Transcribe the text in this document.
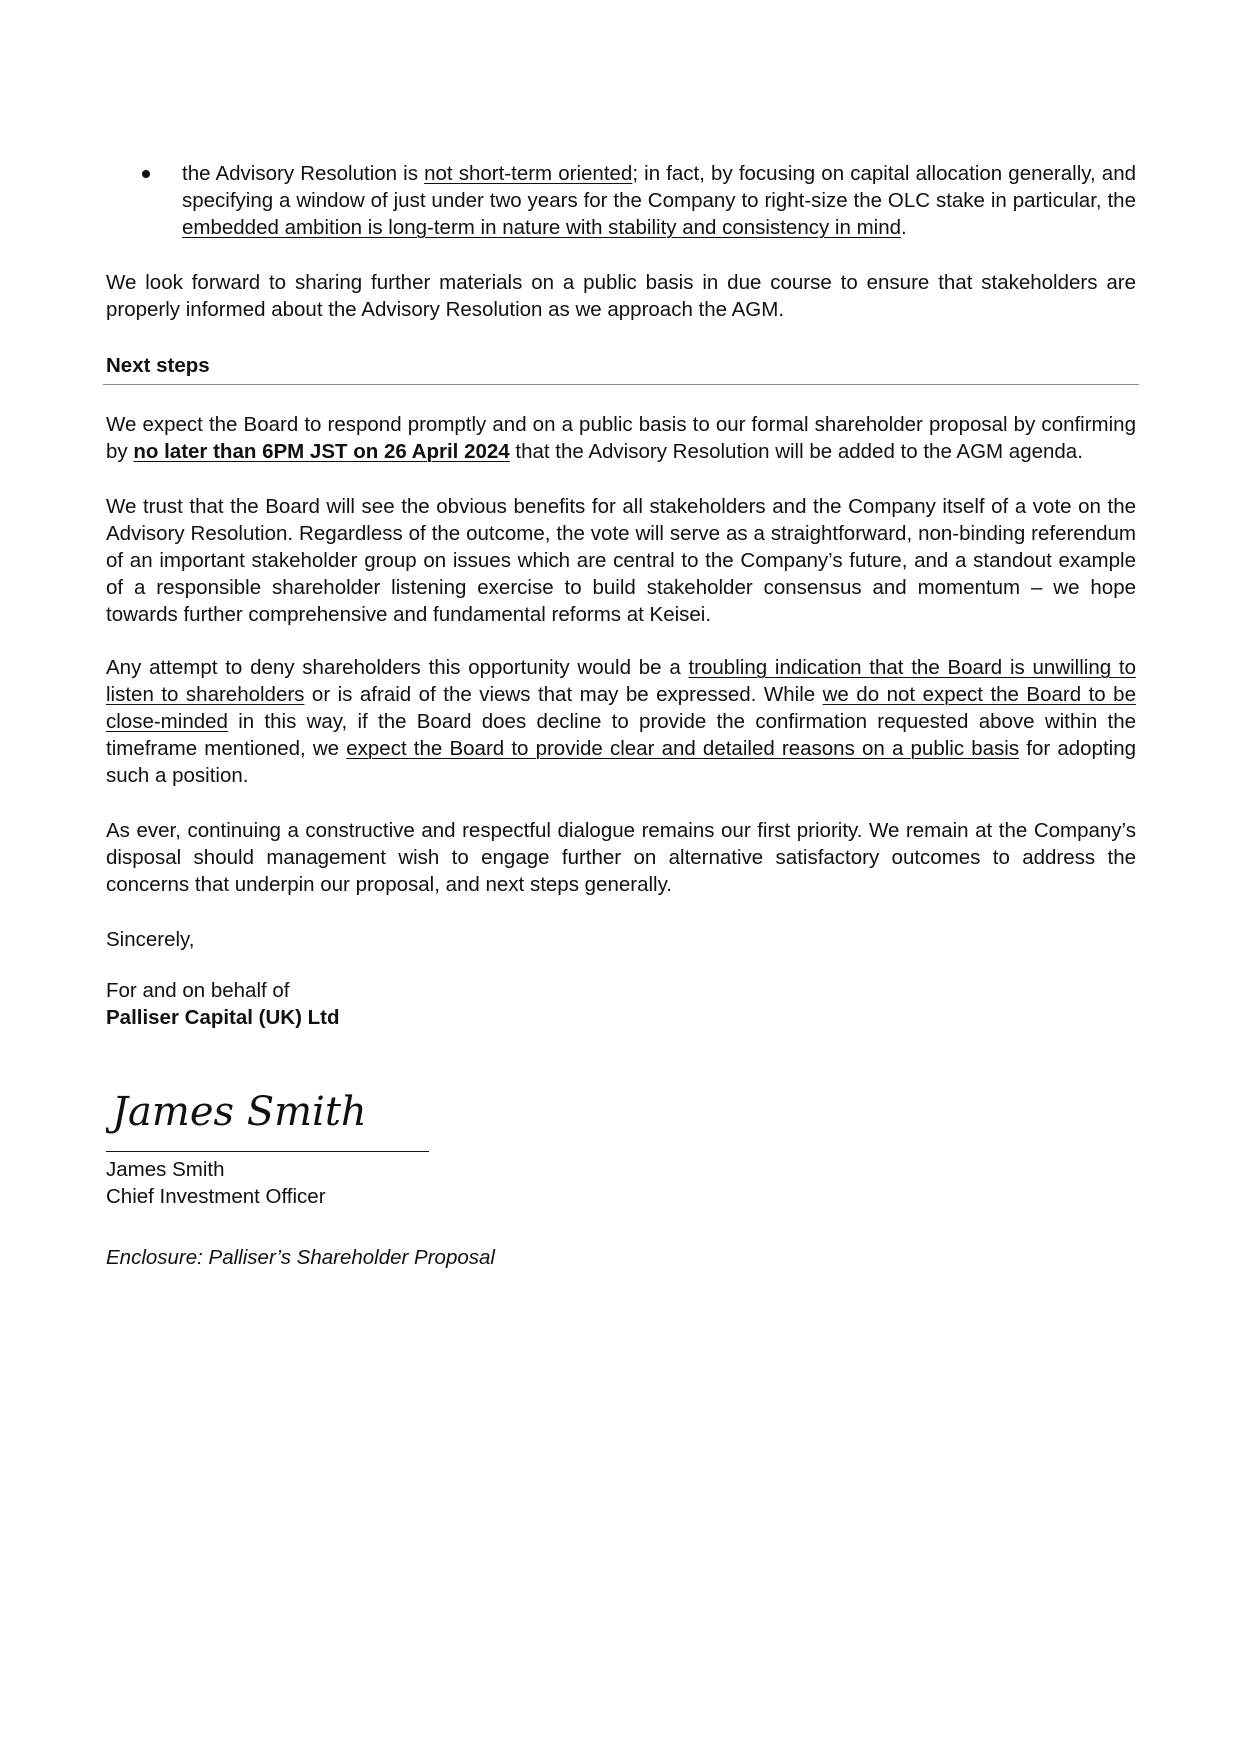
the Advisory Resolution is not short-term oriented; in fact, by focusing on capital allocation generally, and specifying a window of just under two years for the Company to right-size the OLC stake in particular, the embedded ambition is long-term in nature with stability and consistency in mind.

We look forward to sharing further materials on a public basis in due course to ensure that stakeholders are properly informed about the Advisory Resolution as we approach the AGM.

Next steps

We expect the Board to respond promptly and on a public basis to our formal shareholder proposal by confirming by no later than 6PM JST on 26 April 2024 that the Advisory Resolution will be added to the AGM agenda.

We trust that the Board will see the obvious benefits for all stakeholders and the Company itself of a vote on the Advisory Resolution. Regardless of the outcome, the vote will serve as a straightforward, non-binding referendum of an important stakeholder group on issues which are central to the Company’s future, and a standout example of a responsible shareholder listening exercise to build stakeholder consensus and momentum – we hope towards further comprehensive and fundamental reforms at Keisei.

Any attempt to deny shareholders this opportunity would be a troubling indication that the Board is unwilling to listen to shareholders or is afraid of the views that may be expressed. While we do not expect the Board to be close-minded in this way, if the Board does decline to provide the confirmation requested above within the timeframe mentioned, we expect the Board to provide clear and detailed reasons on a public basis for adopting such a position.

As ever, continuing a constructive and respectful dialogue remains our first priority. We remain at the Company’s disposal should management wish to engage further on alternative satisfactory outcomes to address the concerns that underpin our proposal, and next steps generally.

Sincerely,
For and on behalf of
Palliser Capital (UK) Ltd
James Smith
James Smith
Chief Investment Officer
Enclosure: Palliser’s Shareholder Proposal
